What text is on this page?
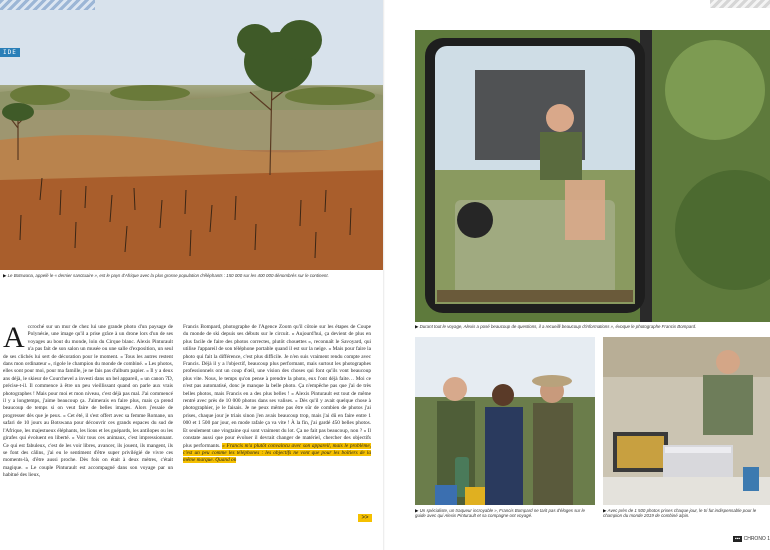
IDE
▶ Le Botswana, appelé le « dernier sanctuaire », est le pays d'Afrique avec la plus grosse population d'éléphants : 150 000 sur les 400 000 dénombrés sur le continent.
Accroché sur un mur de chez lui une grande photo d'un paysage de Polynésie, une image qu'il a prise grâce à un drone lors d'un de ses voyages au bout du monde, loin du Cirque blanc. Alexis Pinturault n'a pas fait de son salon un musée ou une salle d'exposition, un seul de ses clichés lui sert de décoration pour le moment. « Tous les autres restent dans mon ordinateur », rigole le champion du monde de combiné. « Les photos, elles sont pour moi, pour ma famille, je ne fais pas d'album papier. » Il y a deux ans déjà, le skieur de Courchevel a investi dans un bel appareil, « un canon 7D, précise-t-il. Il commence à être un peu vieillissant quand on parle aux vrais photographes ! Mais pour moi et mon niveau, c'est déjà pas mal. J'ai commencé il y a longtemps, j'aime beaucoup ça. J'aimerais en faire plus, mais ça prend beaucoup de temps si on veut faire de belles images. Alors j'essaie de progresser dès que je peux. » Cet été, il s'est offert avec sa femme Romane, un safari de 10 jours au Botswana pour découvrir ces grands espaces du sud de l'Afrique, les majestueux éléphants, les lions et les guépards, les antilopes ou les girafes qui évoluent en liberté. « Voir tous ces animaux, c'est impressionnant. Ce qui est fabuleux, c'est de les voir libres, avancer, ils jouent, ils mangent, ils se font des câlins, j'ai eu le sentiment d'être super privilégié de vivre ces moments-là, d'être aussi proche. Dès fois on était à deux mètres, c'était magique. » Le couple Pinturault est accompagné dans son voyage par un habitué des lieux,
Francis Bompard, photographe de l'Agence Zoom qu'il côtoie sur les étapes de Coupe du monde de ski depuis ses débuts sur le circuit. « Aujourd'hui, ça devient de plus en plus facile de faire des photos correctes, plutôt chouettes », reconnaît le Savoyard, qui utilise l'appareil de son téléphone portable quand il est sur la neige. « Mais pour faire la photo qui fait la différence, c'est plus difficile. Je n'en suis vraiment rendu compte avec Francis. Déjà il y a l'objectif, beaucoup plus performant, mais surtout les photographes professionnels ont un coup d'œil, une vision des choses qui font qu'ils vont beaucoup plus vite. Nous, le temps qu'on pense à prendre la photo, eux l'ont déjà faite… Moi ce n'est pas automatisé, donc je manque la belle photo. Ça n'empêche pas que j'ai de très belles photos, mais Francis en a des plus belles ! » Alexis Pinturault est tout de même rentré avec près de 10 000 photos dans ses valises. « Dès qu'il y avait quelque chose à photographier, je le faisais. Je ne peux même pas être sûr de combien de photos j'ai prises, chaque jour je triais sinon j'en avais beaucoup trop, mais j'ai dû en faire entre 1 000 et 1 500 par jour, en mode rafale ça va vite ! À la fin, j'ai gardé 450 belles photos. Et seulement une vingtaine qui sont vraiment du lot. Ça ne fait pas beaucoup, non ? » Il constate aussi que pour évoluer il devrait changer de matériel, chercher des objectifs plus performants. « Francis m'a plutôt convaincu avec son appareil, mais le problème, c'est un peu comme les téléphones : les objectifs ne vont que pour les boîtiers de la même marque. Quand on
>>
▶ Durant tout le voyage, Alexis a posé beaucoup de questions, il a recueilli beaucoup d'informations », évoque le photographe Francis Bompard.
▶ Un spécialiste, un traqueur incroyable », Francis Bompard ne tarit pas d'éloges sur le guide avec qui Alexis Pinturault et sa compagne ont voyagé.
▶ Avec près de 1 500 photos prises chaque jour, le tri fut indispensable pour le champion du monde 2019 de combiné alpin.
▪▪▪ CHRONO 1
